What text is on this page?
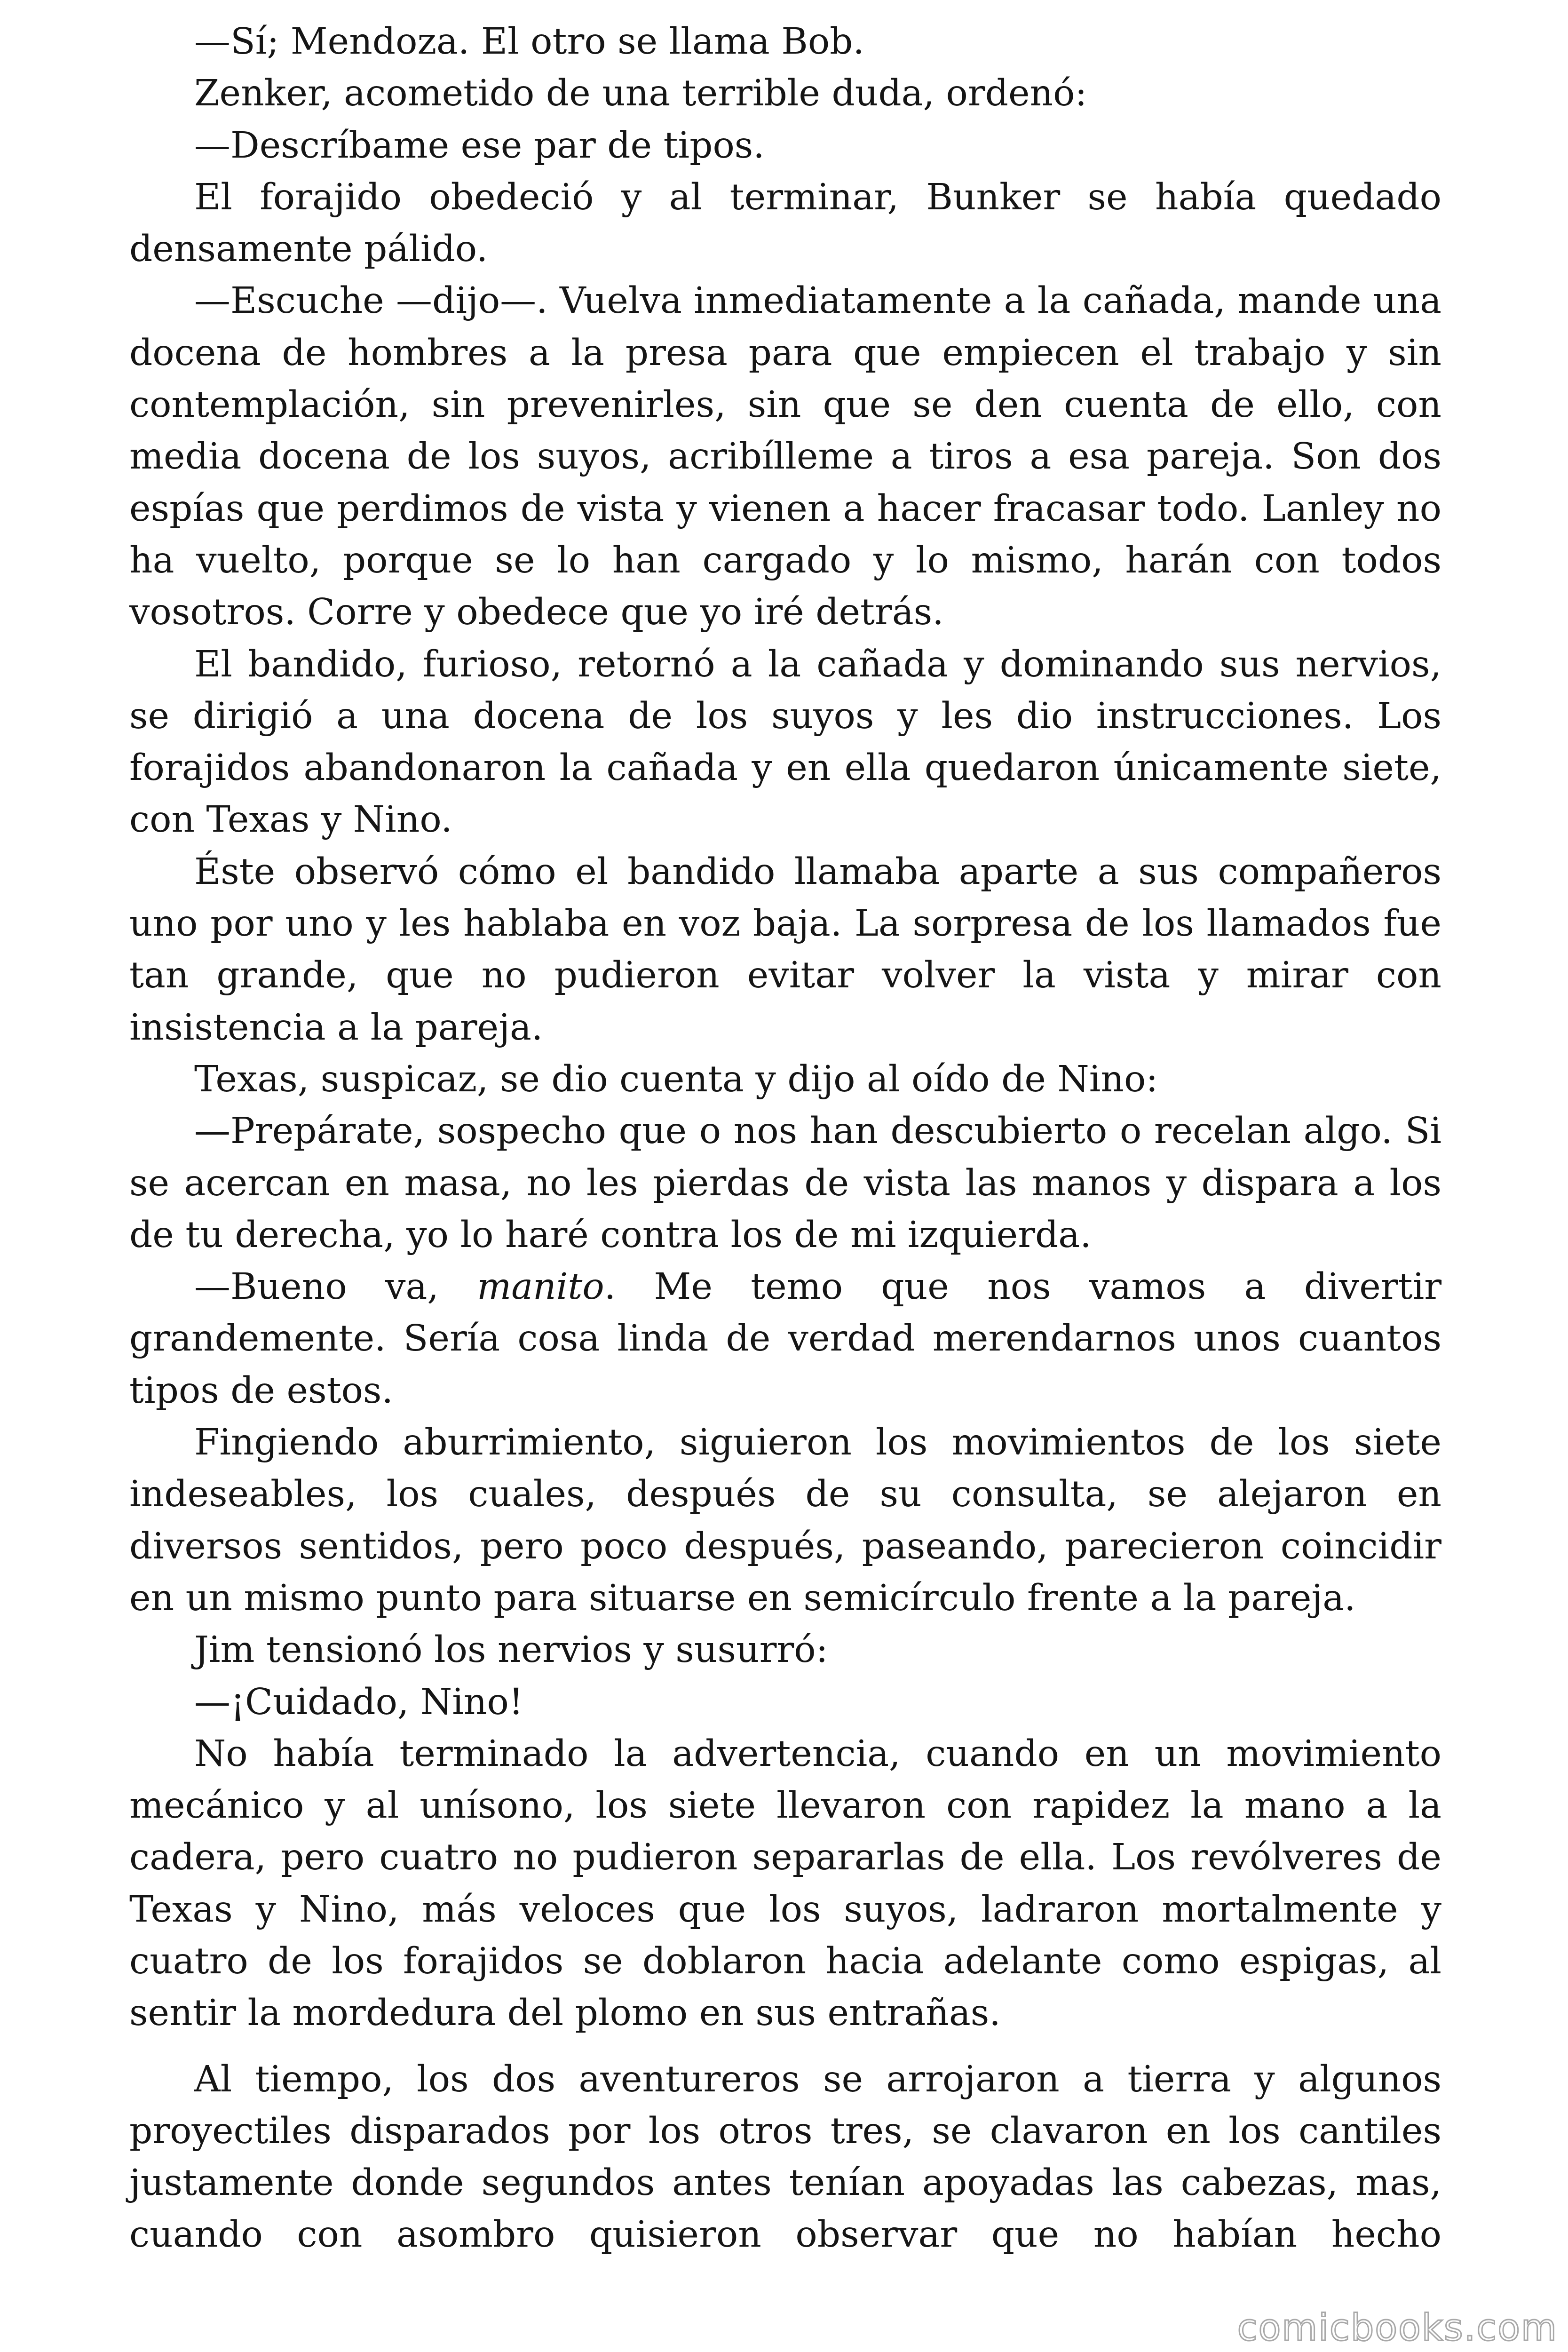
—Sí; Mendoza. El otro se llama Bob.

Zenker, acometido de una terrible duda, ordenó:

—Descríbame ese par de tipos.

El forajido obedeció y al terminar, Bunker se había quedado densamente pálido.

—Escuche —dijo—. Vuelva inmediatamente a la cañada, mande una docena de hombres a la presa para que empiecen el trabajo y sin contemplación, sin prevenirles, sin que se den cuenta de ello, con media docena de los suyos, acribílleme a tiros a esa pareja. Son dos espías que perdimos de vista y vienen a hacer fracasar todo. Lanley no ha vuelto, porque se lo han cargado y lo mismo, harán con todos vosotros. Corre y obedece que yo iré detrás.

El bandido, furioso, retornó a la cañada y dominando sus nervios, se dirigió a una docena de los suyos y les dio instrucciones. Los forajidos abandonaron la cañada y en ella quedaron únicamente siete, con Texas y Nino.

Éste observó cómo el bandido llamaba aparte a sus compañeros uno por uno y les hablaba en voz baja. La sorpresa de los llamados fue tan grande, que no pudieron evitar volver la vista y mirar con insistencia a la pareja.

Texas, suspicaz, se dio cuenta y dijo al oído de Nino:

—Prepárate, sospecho que o nos han descubierto o recelan algo. Si se acercan en masa, no les pierdas de vista las manos y dispara a los de tu derecha, yo lo haré contra los de mi izquierda.

—Bueno va, manito. Me temo que nos vamos a divertir grandemente. Sería cosa linda de verdad merendarnos unos cuantos tipos de estos.

Fingiendo aburrimiento, siguieron los movimientos de los siete indeseables, los cuales, después de su consulta, se alejaron en diversos sentidos, pero poco después, paseando, parecieron coincidir en un mismo punto para situarse en semicírculo frente a la pareja.

Jim tensionó los nervios y susurró:

—¡Cuidado, Nino!

No había terminado la advertencia, cuando en un movimiento mecánico y al unísono, los siete llevaron con rapidez la mano a la cadera, pero cuatro no pudieron separarlas de ella. Los revólveres de Texas y Nino, más veloces que los suyos, ladraron mortalmente y cuatro de los forajidos se doblaron hacia adelante como espigas, al sentir la mordedura del plomo en sus entrañas.

Al tiempo, los dos aventureros se arrojaron a tierra y algunos proyectiles disparados por los otros tres, se clavaron en los cantiles justamente donde segundos antes tenían apoyadas las cabezas, mas, cuando con asombro quisieron observar que no habían hecho

comicbooks.com
